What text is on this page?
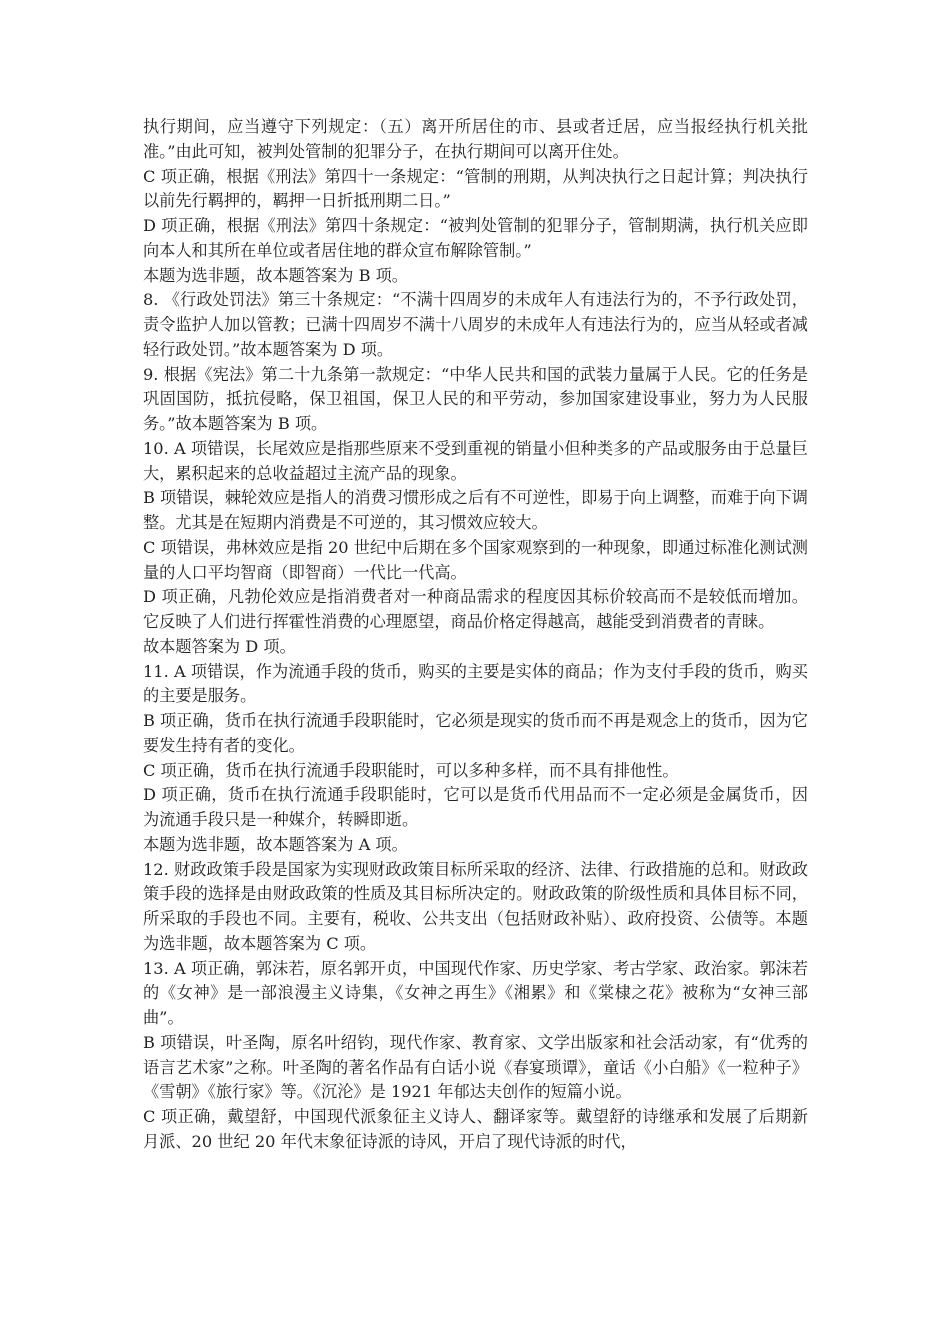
执行期间，应当遵守下列规定：（五）离开所居住的市、县或者迁居，应当报经执行机关批准。”由此可知，被判处管制的犯罪分子，在执行期间可以离开住处。

C 项正确，根据《刑法》第四十一条规定：“管制的刑期，从判决执行之日起计算；判决执行以前先行羁押的，羁押一日折抵刑期二日。”

D 项正确，根据《刑法》第四十条规定：“被判处管制的犯罪分子，管制期满，执行机关应即向本人和其所在单位或者居住地的群众宣布解除管制。”

本题为选非题，故本题答案为 B 项。

8. 《行政处罚法》第三十条规定：“不满十四周岁的未成年人有违法行为的，不予行政处罚，责令监护人加以管教；已满十四周岁不满十八周岁的未成年人有违法行为的，应当从轻或者减轻行政处罚。”故本题答案为 D 项。

9. 根据《宪法》第二十九条第一款规定：“中华人民共和国的武装力量属于人民。它的任务是巩固国防，抵抗侵略，保卫祖国，保卫人民的和平劳动，参加国家建设事业，努力为人民服务。”故本题答案为 B 项。

10. A 项错误，长尾效应是指那些原来不受到重视的销量小但种类多的产品或服务由于总量巨大，累积起来的总收益超过主流产品的现象。

B 项错误，棘轮效应是指人的消费习惯形成之后有不可逆性，即易于向上调整，而难于向下调整。尤其是在短期内消费是不可逆的，其习惯效应较大。

C 项错误，弗林效应是指 20 世纪中后期在多个国家观察到的一种现象，即通过标准化测试测量的人口平均智商（即智商）一代比一代高。

D 项正确，凡勃伦效应是指消费者对一种商品需求的程度因其标价较高而不是较低而增加。它反映了人们进行挥霍性消费的心理愿望，商品价格定得越高，越能受到消费者的青睐。

故本题答案为 D 项。

11. A 项错误，作为流通手段的货币，购买的主要是实体的商品；作为支付手段的货币，购买的主要是服务。

B 项正确，货币在执行流通手段职能时，它必须是现实的货币而不再是观念上的货币，因为它要发生持有者的变化。

C 项正确，货币在执行流通手段职能时，可以多种多样，而不具有排他性。

D 项正确，货币在执行流通手段职能时，它可以是货币代用品而不一定必须是金属货币，因为流通手段只是一种媒介，转瞬即逝。

本题为选非题，故本题答案为 A 项。

12. 财政政策手段是国家为实现财政政策目标所采取的经济、法律、行政措施的总和。财政政策手段的选择是由财政政策的性质及其目标所决定的。财政政策的阶级性质和具体目标不同，所采取的手段也不同。主要有，税收、公共支出（包括财政补贴）、政府投资、公债等。本题为选非题，故本题答案为 C 项。

13. A 项正确，郭沫若，原名郭开贞，中国现代作家、历史学家、考古学家、政治家。郭沫若的《女神》是一部浪漫主义诗集，《女神之再生》《湘累》和《棠棣之花》被称为“女神三部曲”。

B 项错误，叶圣陶，原名叶绍钧，现代作家、教育家、文学出版家和社会活动家，有“优秀的语言艺术家”之称。叶圣陶的著名作品有白话小说《春宴琐谭》，童话《小白船》《一粒种子》《雪朝》《旅行家》等。《沉沦》是 1921 年郁达夫创作的短篇小说。

C 项正确，戴望舒，中国现代派象征主义诗人、翻译家等。戴望舒的诗继承和发展了后期新月派、20 世纪 20 年代末象征诗派的诗风，开启了现代诗派的时代，
